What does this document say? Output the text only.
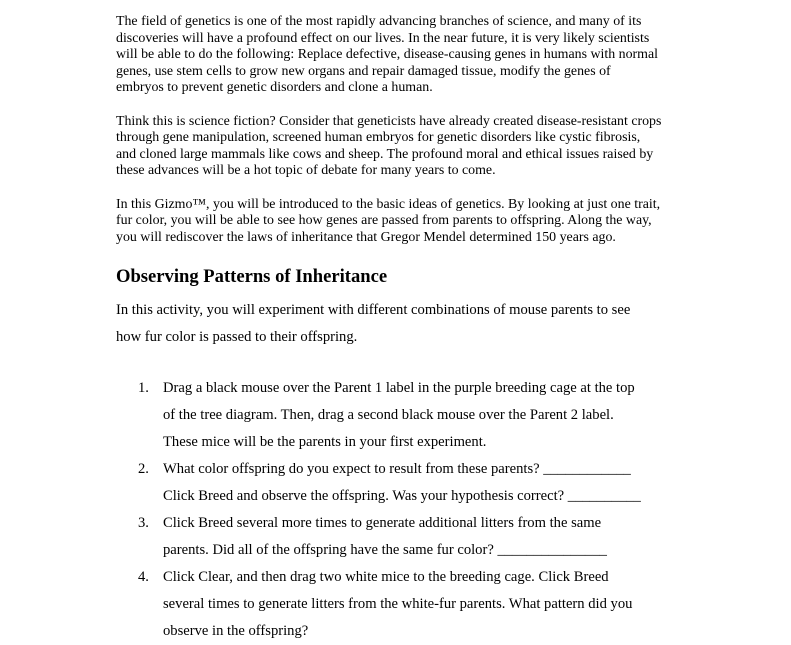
The field of genetics is one of the most rapidly advancing branches of science, and many of its
discoveries will have a profound effect on our lives. In the near future, it is very likely scientists
will be able to do the following: Replace defective, disease-causing genes in humans with normal
genes, use stem cells to grow new organs and repair damaged tissue, modify the genes of
embryos to prevent genetic disorders and clone a human.

Think this is science fiction? Consider that geneticists have already created disease-resistant crops
through gene manipulation, screened human embryos for genetic disorders like cystic fibrosis,
and cloned large mammals like cows and sheep. The profound moral and ethical issues raised by
these advances will be a hot topic of debate for many years to come.

In this Gizmo™, you will be introduced to the basic ideas of genetics. By looking at just one trait,
fur color, you will be able to see how genes are passed from parents to offspring. Along the way,
you will rediscover the laws of inheritance that Gregor Mendel determined 150 years ago.

Observing Patterns of Inheritance

In this activity, you will experiment with different combinations of mouse parents to see
how fur color is passed to their offspring.

1. Drag a black mouse over the Parent 1 label in the purple breeding cage at the top
of the tree diagram. Then, drag a second black mouse over the Parent 2 label.
These mice will be the parents in your first experiment.
2. What color offspring do you expect to result from these parents? ____________
Click Breed and observe the offspring. Was your hypothesis correct? __________
3. Click Breed several more times to generate additional litters from the same
parents. Did all of the offspring have the same fur color? _______________
4. Click Clear, and then drag two white mice to the breeding cage. Click Breed
several times to generate litters from the white-fur parents. What pattern did you
observe in the offspring?
